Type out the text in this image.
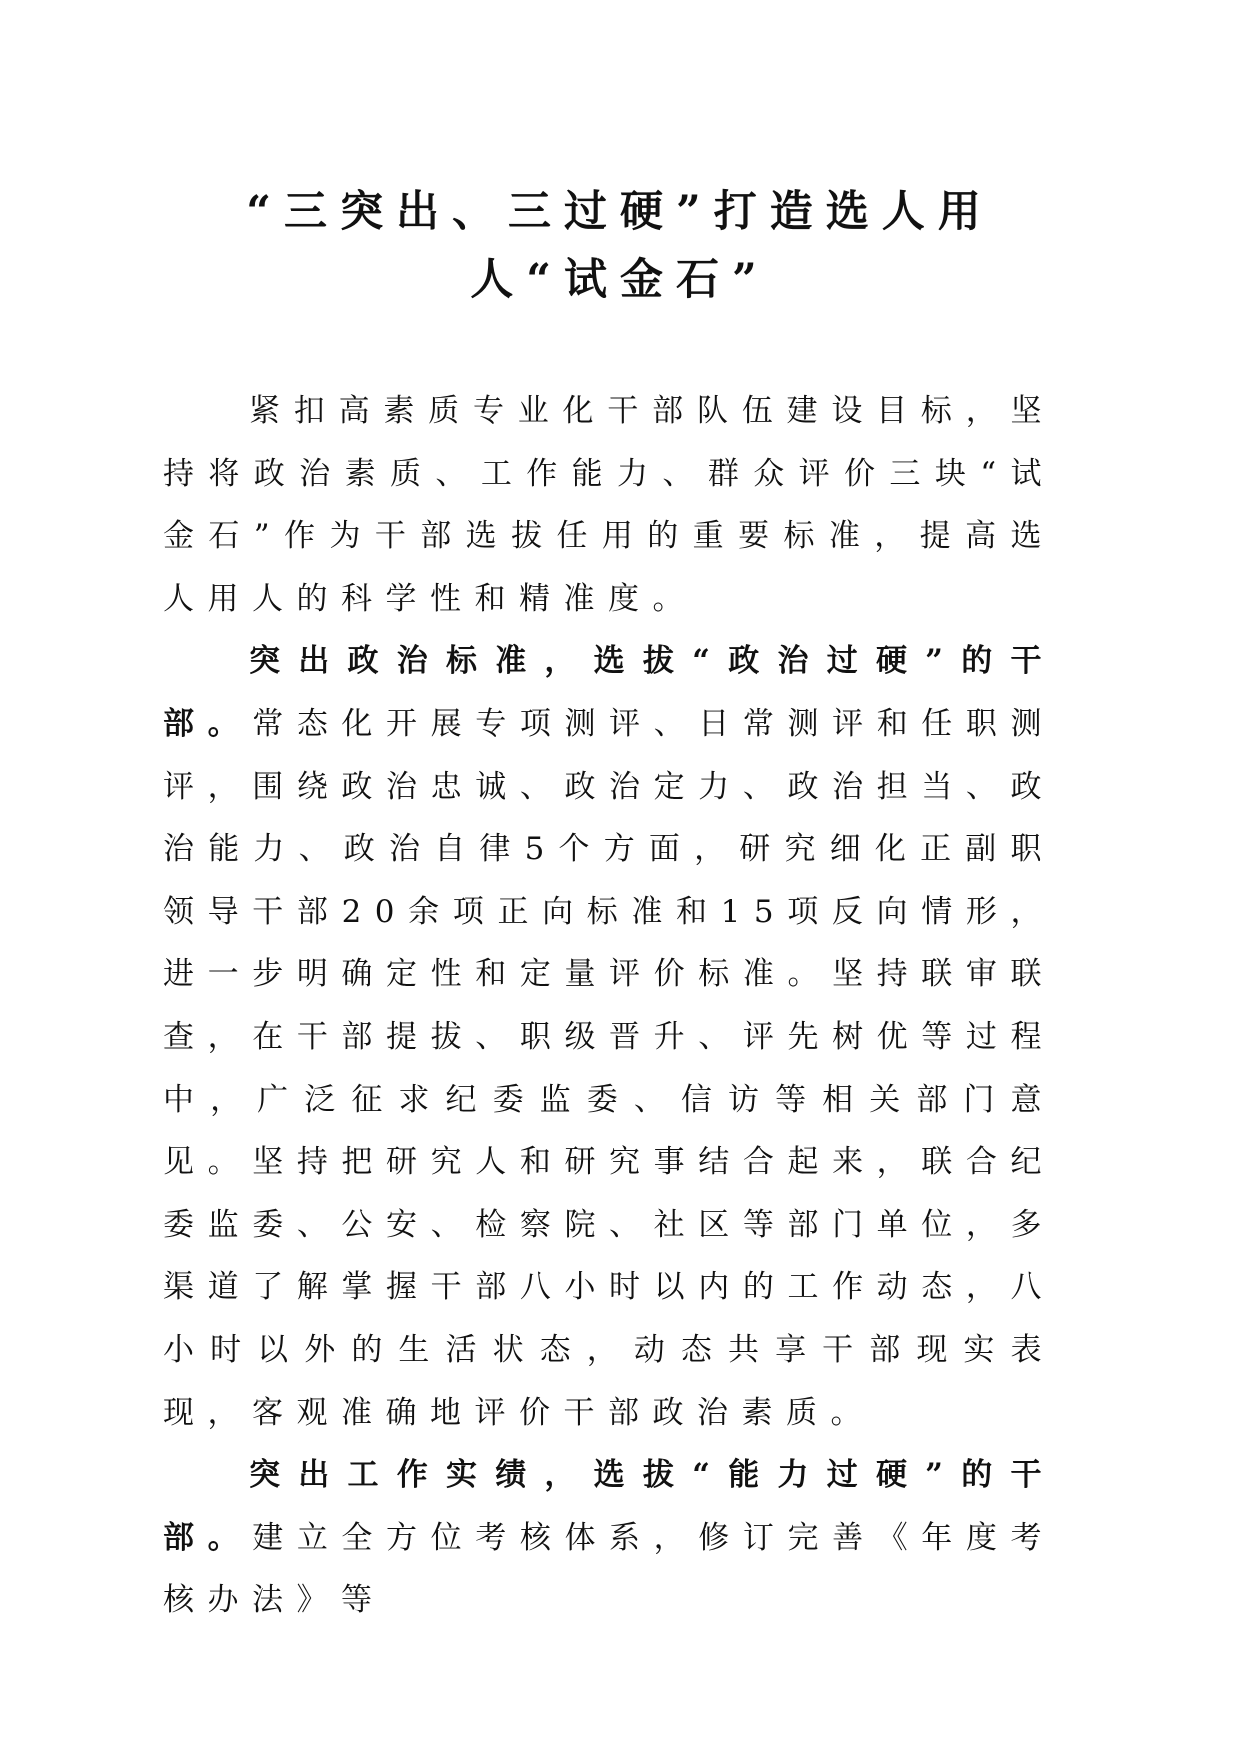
“三突出、三过硬”打造选人用
人“试金石”

紧扣高素质专业化干部队伍建设目标，坚持将政治素质、工作能力、群众评价三块“试金石”作为干部选拔任用的重要标准，提高选人用人的科学性和精准度。

突出政治标准，选拔“政治过硬”的干部。常态化开展专项测评、日常测评和任职测评，围绕政治忠诚、政治定力、政治担当、政治能力、政治自律5个方面，研究细化正副职领导干部20余项正向标准和15项反向情形，进一步明确定性和定量评价标准。坚持联审联查，在干部提拔、职级晋升、评先树优等过程中，广泛征求纪委监委、信访等相关部门意见。坚持把研究人和研究事结合起来，联合纪委监委、公安、检察院、社区等部门单位，多渠道了解掌握干部八小时以内的工作动态，八小时以外的生活状态，动态共享干部现实表现，客观准确地评价干部政治素质。

突出工作实绩，选拔“能力过硬”的干部。建立全方位考核体系，修订完善《年度考核办法》等
